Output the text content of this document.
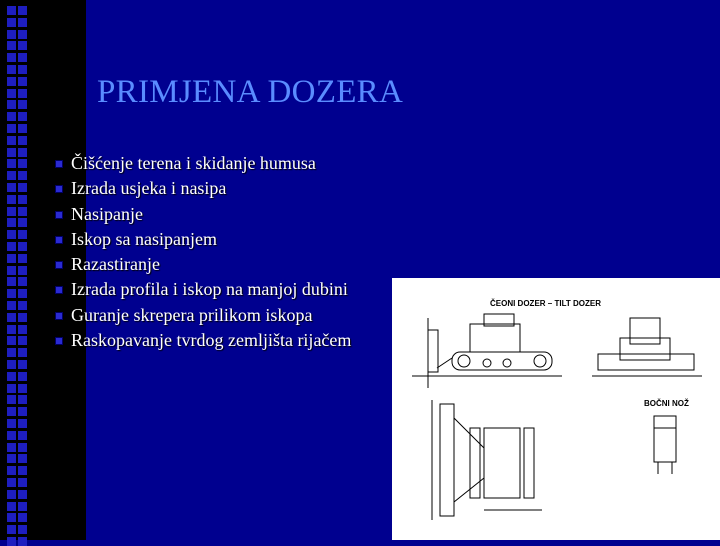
PRIMJENA DOZERA
Čišćenje terena i skidanje humusa
Izrada usjeka i nasipa
Nasipanje
Iskop sa nasipanjem
Razastiranje
Izrada profila i iskop na manjoj dubini
Guranje skrepera prilikom iskopa
Raskopavanje tvrdog zemljišta rijačem
ČEONI DOZER – TILT DOZER
BOČNI NOŽ
